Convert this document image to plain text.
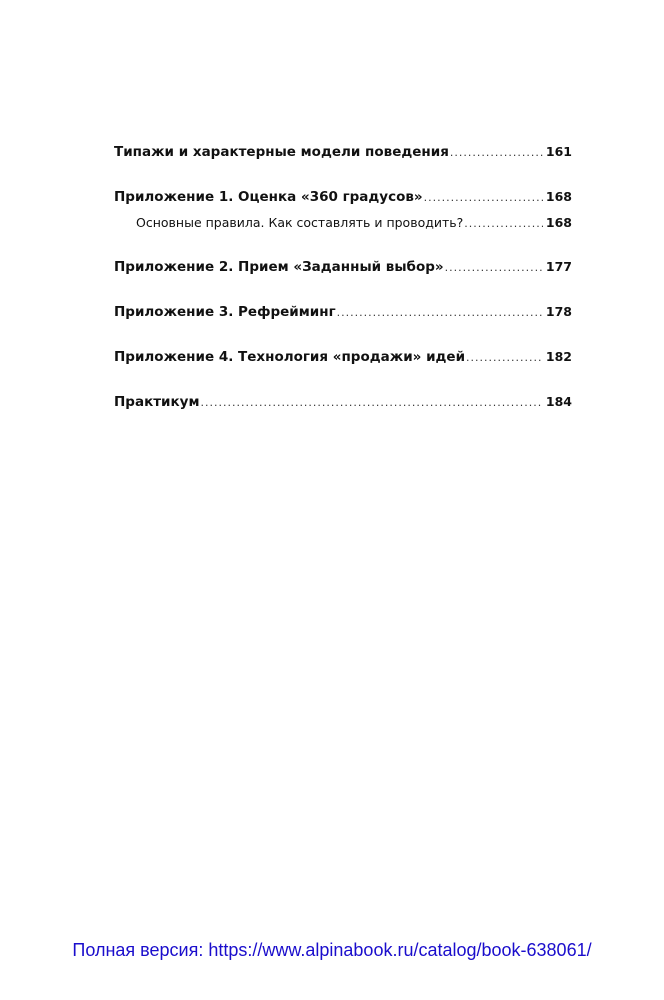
Типажи и характерные модели поведения .....	161
Приложение 1. Оценка «360 градусов» .....	168
Основные правила. Как составлять и проводить? .....	168
Приложение 2. Прием «Заданный выбор» .....	177
Приложение 3. Рефрейминг .....	178
Приложение 4. Технология «продажи» идей .....	182
Практикум .....	184
Полная версия: https://www.alpinabook.ru/catalog/book-638061/
